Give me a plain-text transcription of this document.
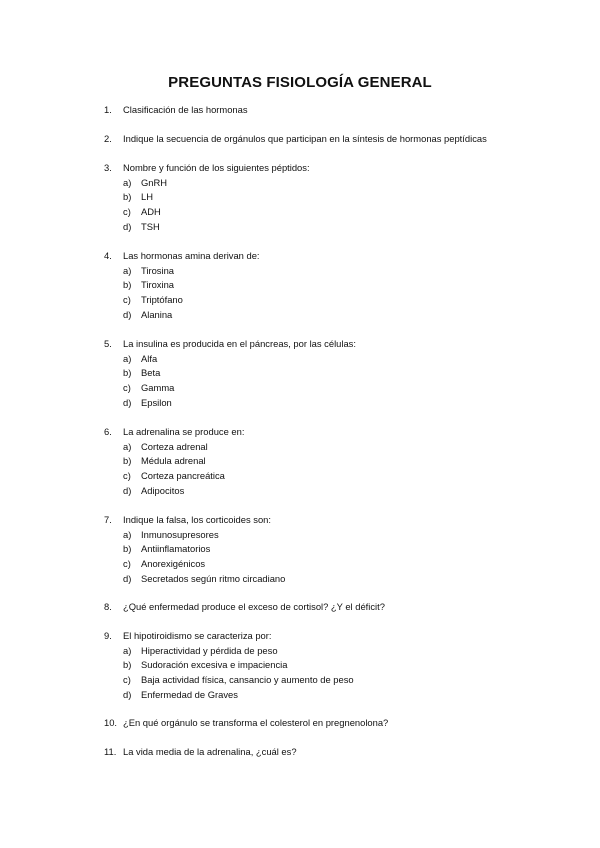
PREGUNTAS FISIOLOGÍA GENERAL
1. Clasificación de las hormonas
2. Indique la secuencia de orgánulos que participan en la síntesis de hormonas peptídicas
3. Nombre y función de los siguientes péptidos:
a) GnRH
b) LH
c) ADH
d) TSH
4. Las hormonas amina derivan de:
a) Tirosina
b) Tiroxina
c) Triptófano
d) Alanina
5. La insulina es producida en el páncreas, por las células:
a) Alfa
b) Beta
c) Gamma
d) Epsilon
6. La adrenalina se produce en:
a) Corteza adrenal
b) Médula adrenal
c) Corteza pancreática
d) Adipocitos
7. Indique la falsa, los corticoides son:
a) Inmunosupresores
b) Antiinflamatorios
c) Anorexigénicos
d) Secretados según ritmo circadiano
8. ¿Qué enfermedad produce el exceso de cortisol? ¿Y el déficit?
9. El hipotiroidismo se caracteriza por:
a) Hiperactividad y pérdida de peso
b) Sudoración excesiva e impaciencia
c) Baja actividad física, cansancio y aumento de peso
d) Enfermedad de Graves
10. ¿En qué orgánulo se transforma el colesterol en pregnenolona?
11. La vida media de la adrenalina, ¿cuál es?
